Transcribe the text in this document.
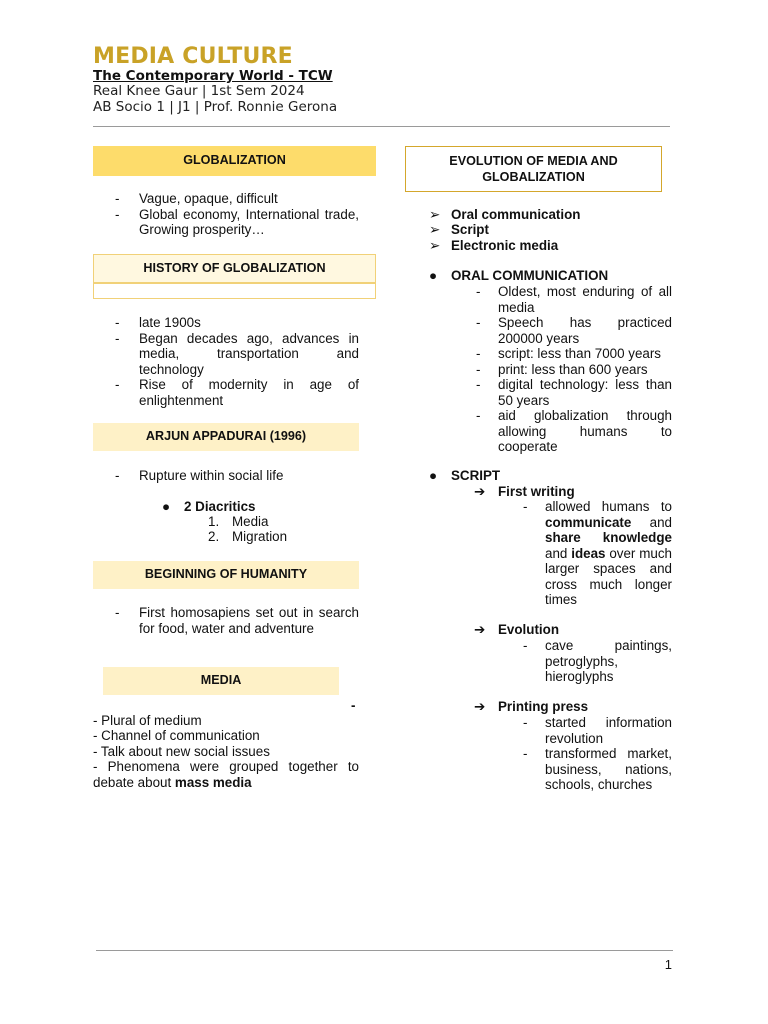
MEDIA CULTURE
The Contemporary World - TCW
Real Knee Gaur | 1st Sem 2024
AB Socio 1 | J1 | Prof. Ronnie Gerona
GLOBALIZATION
- Vague, opaque, difficult
- Global economy, International trade, Growing prosperity…
HISTORY OF GLOBALIZATION
- late 1900s
- Began decades ago, advances in media, transportation and technology
- Rise of modernity in age of enlightenment
ARJUN APPADURAI (1996)
- Rupture within social life
●	2 Diacritics
1. Media
2. Migration
BEGINNING OF HUMANITY
- First homosapiens set out in search for food, water and adventure
MEDIA
-
- Plural of medium
- Channel of communication
- Talk about new social issues
- Phenomena were grouped together to debate about mass media
EVOLUTION OF MEDIA AND GLOBALIZATION
➢ Oral communication
➢ Script
➢ Electronic media
●	ORAL COMMUNICATION
- Oldest, most enduring of all media
- Speech has practiced 200000 years
- script: less than 7000 years
- print: less than 600 years
- digital technology: less than 50 years
- aid globalization through allowing humans to cooperate
●	SCRIPT
➔ First writing
- allowed humans to communicate and share knowledge and ideas over much larger spaces and cross much longer times
➔ Evolution
- cave paintings, petroglyphs, hieroglyphs
➔ Printing press
- started information revolution
- transformed market, business, nations, schools, churches
1
